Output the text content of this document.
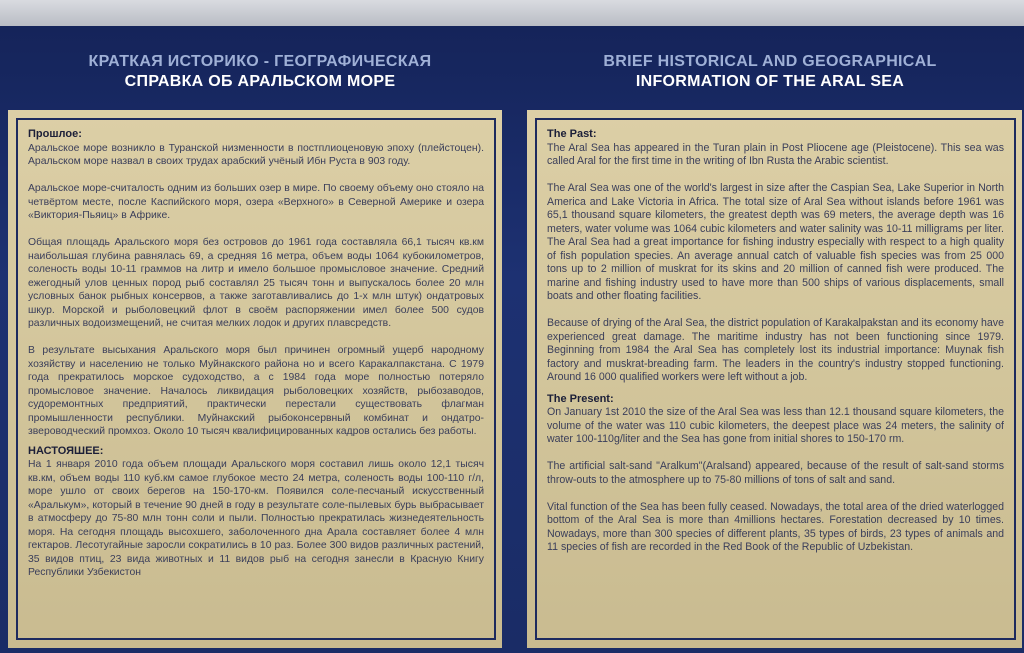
КРАТКАЯ ИСТОРИКО - ГЕОГРАФИЧЕСКАЯ
СПРАВКА ОБ АРАЛЬСКОМ МОРЕ
BRIEF HISTORICAL AND GEOGRAPHICAL
INFORMATION OF THE ARAL SEA
Прошлое:

Аральское море возникло в Туранской низменности в постплиоценовую эпоху (плейстоцен). Аральском море назвал в своих трудах арабский учёный Ибн Руста в 903 году.

Аральское море-считалость одним из больших озер в мире. По своему объему оно стояло на четвёртом месте, после Каспийского моря, озера «Верхного» в Северной Америке и озера «Виктория-Пьяиц» в Африке.

Общая площадь Аральского моря без островов до 1961 года составляла 66,1 тысяч кв.км наибольшая глубина равнялась 69, а средняя 16 метра, объем воды 1064 кубокилометров, соленость воды 10-11 граммов на литр и имело большое промысловое значение. Средний ежегодный улов ценных пород рыб составлял 25 тысяч тонн и выпускалось более 20 млн условных банок рыбных консервов, а также заготавливались до 1-х млн штук) ондатровых шкур. Морской и рыболовецкий флот в своём распоряжении имел более 500 судов различных водоизмещений, не считая мелких лодок и других плавсредств.

В результате высыхания Аральского моря был причинен огромный ущерб народному хозяйству и населению не только Муйнакского района но и всего Каракалпакстана. С 1979 года прекратилось морское судоходство, а с 1984 года море полностью потеряло промысловое значение. Началось ликвидация рыболовецких хозяйств, рыбозаводов, судоремонтных предприятий, практически перестали существовать флагман промышленности республики. Муйнакский рыбоконсервный комбинат и ондатро-звероводческий промхоз. Около 10 тысяч квалифицированных кадров остались без работы.

НАСТОЯШЕЕ:

На 1 января 2010 года объем площади Аральского моря составил лишь около 12,1 тысяч кв.км, объем воды 110 куб.км самое глубокое место 24 метра, соленость воды 100-110 г/л, море ушло от своих берегов на 150-170-км. Появился соле-песчаный искусственный «Аралькум», который в течение 90 дней в году в результате соле-пылевых бурь выбрасывает в атмосферу до 75-80 млн тонн соли и пыли. Полностью прекратилась жизнедеятельность моря. На сегодня площадь высохшего, заболоченного дна Арала составляет более 4 млн гектаров. Лесотугайные заросли сократились в 10 раз. Более 300 видов различных растений, 35 видов птиц, 23 вида животных и 11 видов рыб на сегодня занесли в Красную Книгу Республики Узбекистон

The Past:

The Aral Sea has appeared in the Turan plain in Post Pliocene age (Pleistocene). This sea was called Aral for the first time in the writing of Ibn Rusta the Arabic scientist.

The Aral Sea was one of the world's largest in size after the Caspian Sea, Lake Superior in North America and Lake Victoria in Africa. The total size of Aral Sea without islands before 1961 was 65,1 thousand square kilometers, the greatest depth was 69 meters, the average depth was 16 meters, water volume was 1064 cubic kilometers and water salinity was 10-11 milligrams per liter. The Aral Sea had a great importance for fishing industry especially with respect to a high quality of fish population species. An average annual catch of valuable fish species was from 25 000 tons up to 2 million of muskrat for its skins and 20 million of canned fish were produced. The marine and fishing industry used to have more than 500 ships of various displacements, small boats and other floating facilities.

Because of drying of the Aral Sea, the district population of Karakalpakstan and its economy have experienced great damage. The maritime industry has not been functioning since 1979. Beginning from 1984 the Aral Sea has completely lost its industrial importance: Muynak fish factory and muskrat-breading farm. The leaders in the country's industry stopped functioning. Around 16 000 qualified workers were left without a job.

The Present:

On January 1st 2010 the size of the Aral Sea was less than 12.1 thousand square kilometers, the volume of the water was 110 cubic kilometers, the deepest place was 24 meters, the salinity of water 100-110g/liter and the Sea has gone from initial shores to 150-170 rm.

The artificial salt-sand "Aralkum"(Aralsand) appeared, because of the result of salt-sand storms throw-outs to the atmosphere up to 75-80 millions of tons of salt and sand.

Vital function of the Sea has been fully ceased. Nowadays, the total area of the dried waterlogged bottom of the Aral Sea is more than 4millions hectares. Forestation decreased by 10 times. Nowadays, more than 300 species of different plants, 35 types of birds, 23 types of animals and 11 species of fish are recorded in the Red Book of the Republic of Uzbekistan.
